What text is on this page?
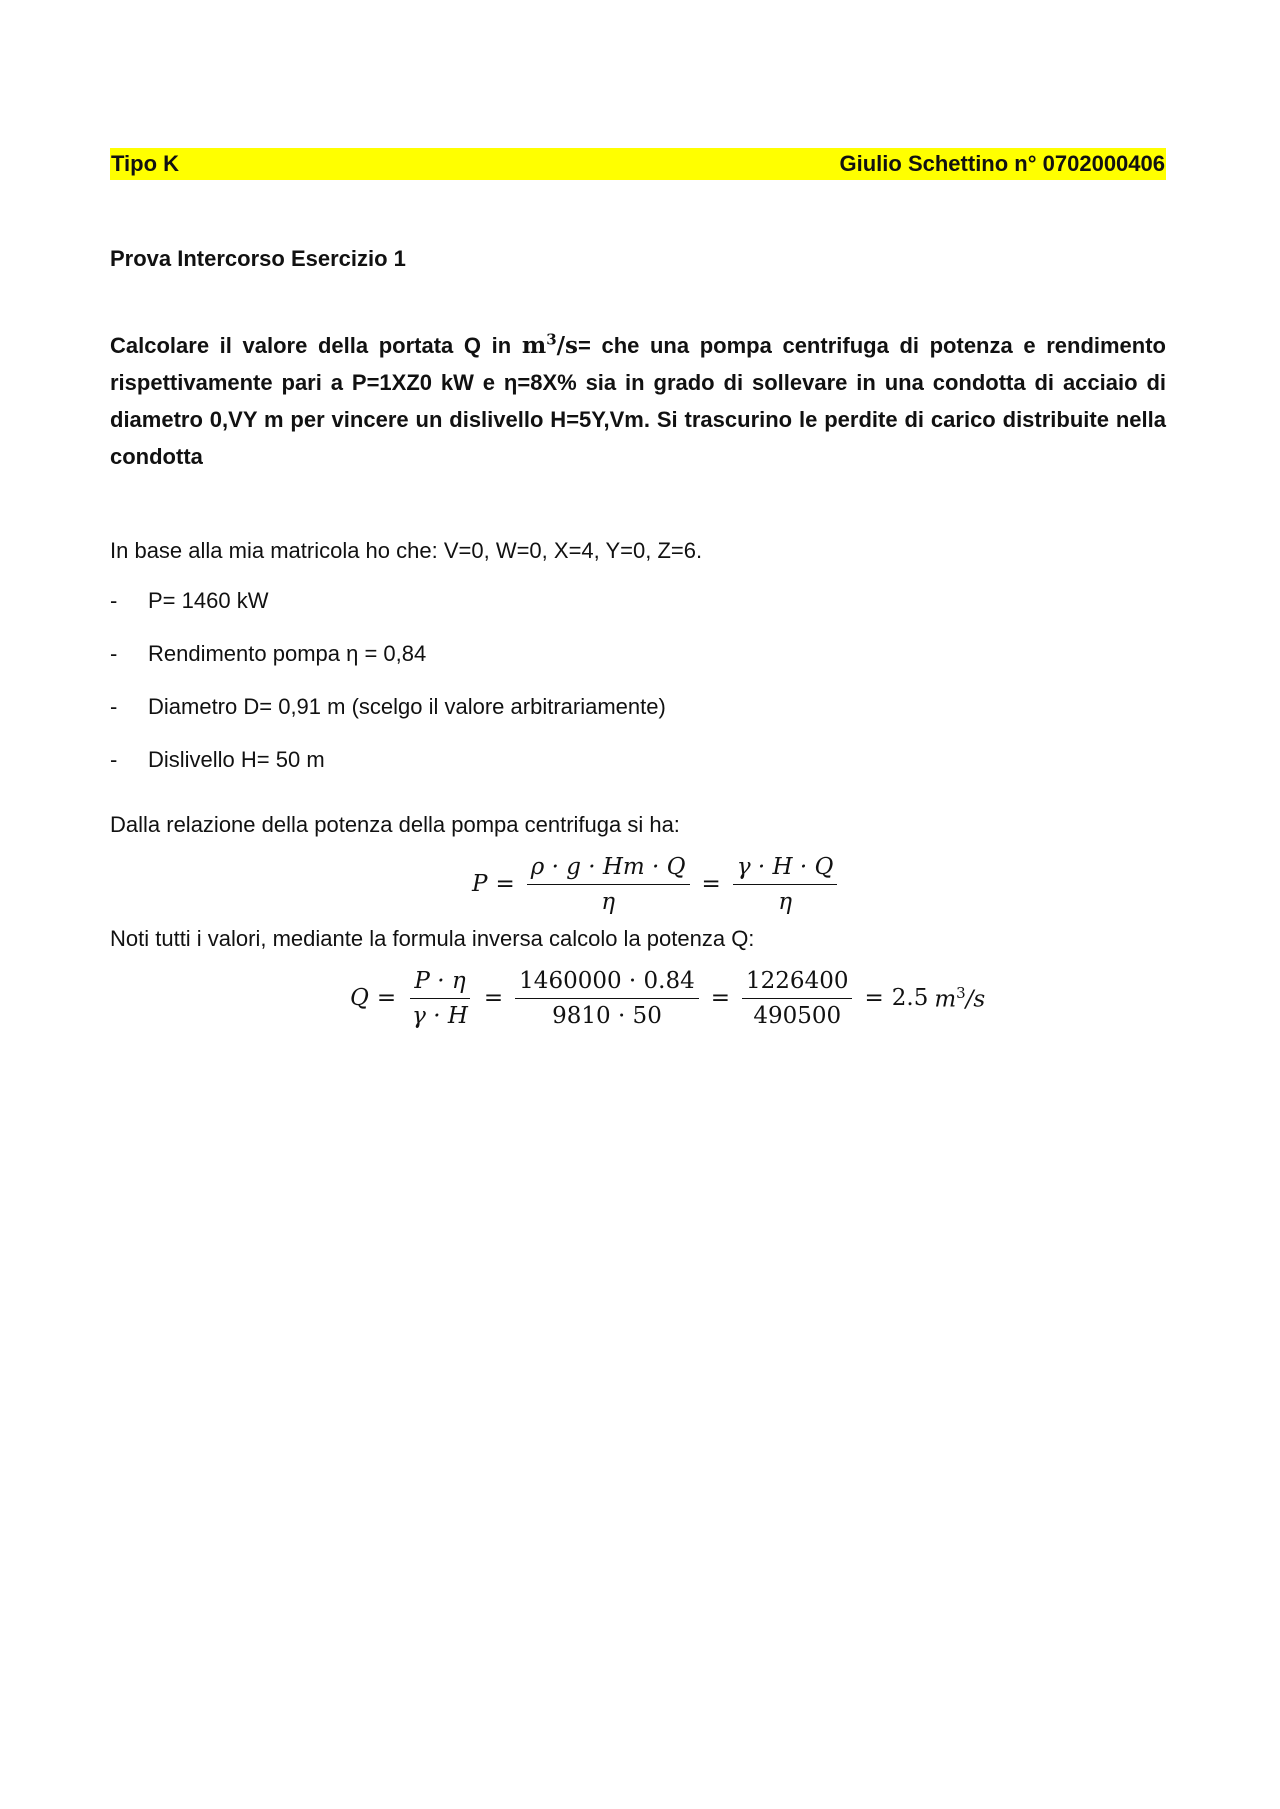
Tipo K	Giulio Schettino n° 0702000406
Prova Intercorso Esercizio 1
Calcolare il valore della portata Q in $m^3/s=$ che una pompa centrifuga di potenza e rendimento rispettivamente pari a P=1XZ0 kW e η=8X% sia in grado di sollevare in una condotta di acciaio di diametro 0,VY m per vincere un dislivello H=5Y,Vm. Si trascurino le perdite di carico distribuite nella condotta
In base alla mia matricola ho che: V=0, W=0, X=4, Y=0, Z=6.
-	P= 1460 kW
-	Rendimento pompa η = 0,84
-	Diametro D= 0,91 m (scelgo il valore arbitrariamente)
-	Dislivello H= 50 m
Dalla relazione della potenza della pompa centrifuga si ha:
$P = \frac{\rho \cdot g \cdot Hm \cdot Q}{\eta} = \frac{\gamma \cdot H \cdot Q}{\eta}$
Noti tutti i valori, mediante la formula inversa calcolo la potenza Q:
$Q = \frac{P \cdot \eta}{\gamma \cdot H} = \frac{1460000 \cdot 0.84}{9810 \cdot 50} = \frac{1226400}{490500} = 2.5$ $m^3/s$
